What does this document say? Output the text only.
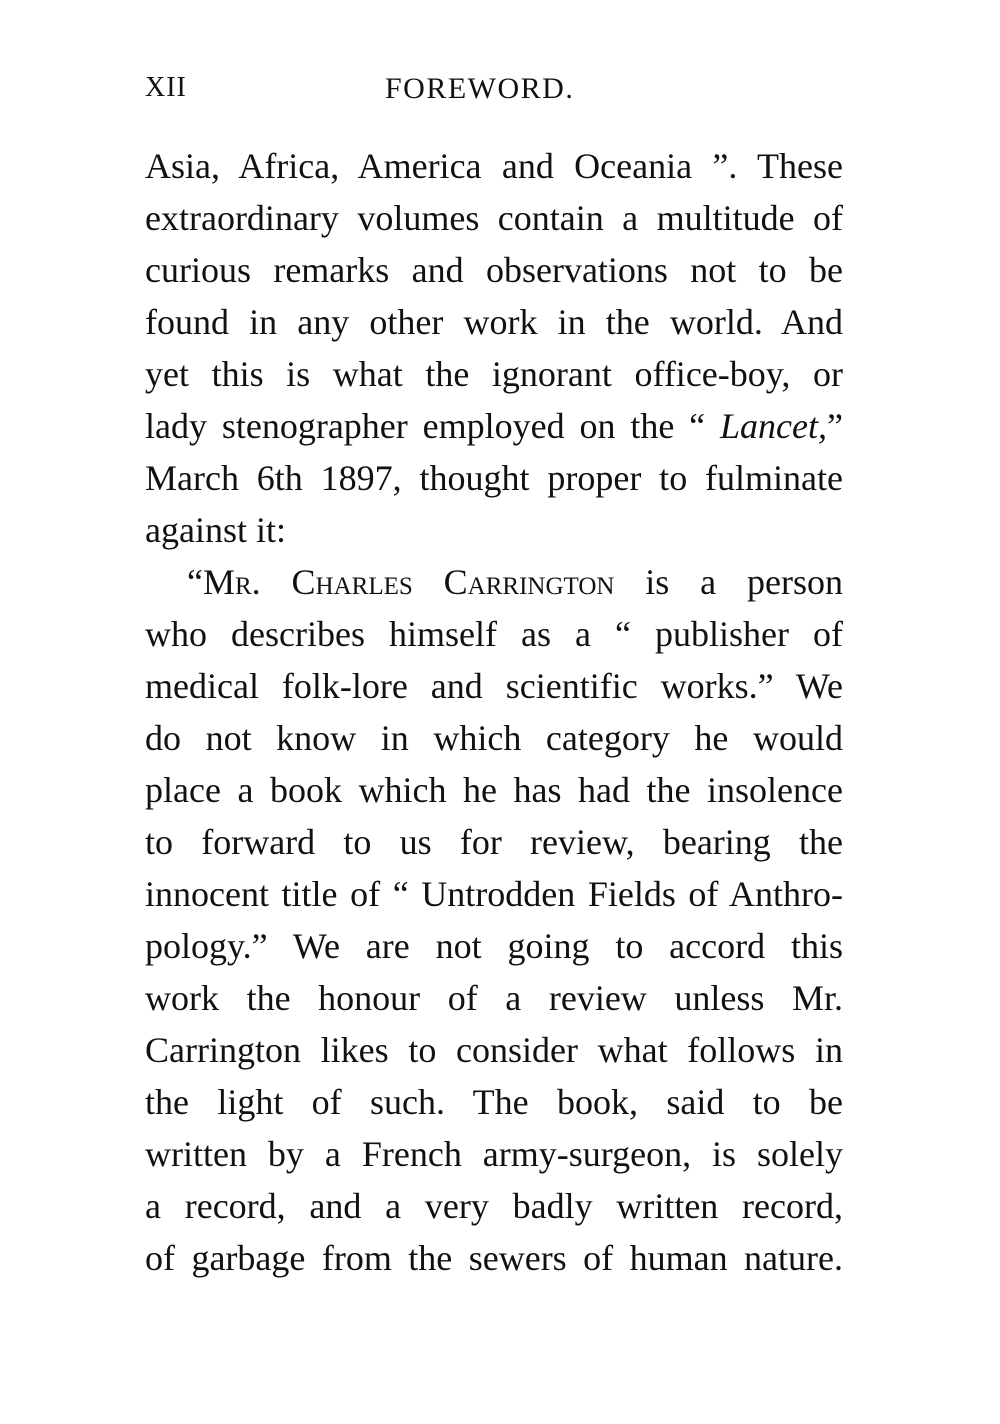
XII	FOREWORD.
Asia, Africa, America and Oceania ”. These
extraordinary volumes contain a multitude of
curious remarks and observations not to be
found in any other work in the world. And
yet this is what the ignorant office-boy, or
lady stenographer employed on the “ Lancet,”
March 6th 1897, thought proper to fulminate
against it:
“Mr. Charles Carrington is a person
who describes himself as a “ publisher of
medical folk-lore and scientific works.” We
do not know in which category he would
place a book which he has had the insolence
to forward to us for review, bearing the
innocent title of “ Untrodden Fields of Anthro-
pology.” We are not going to accord this
work the honour of a review unless Mr.
Carrington likes to consider what follows in
the light of such. The book, said to be
written by a French army-surgeon, is solely
a record, and a very badly written record,
of garbage from the sewers of human nature.
